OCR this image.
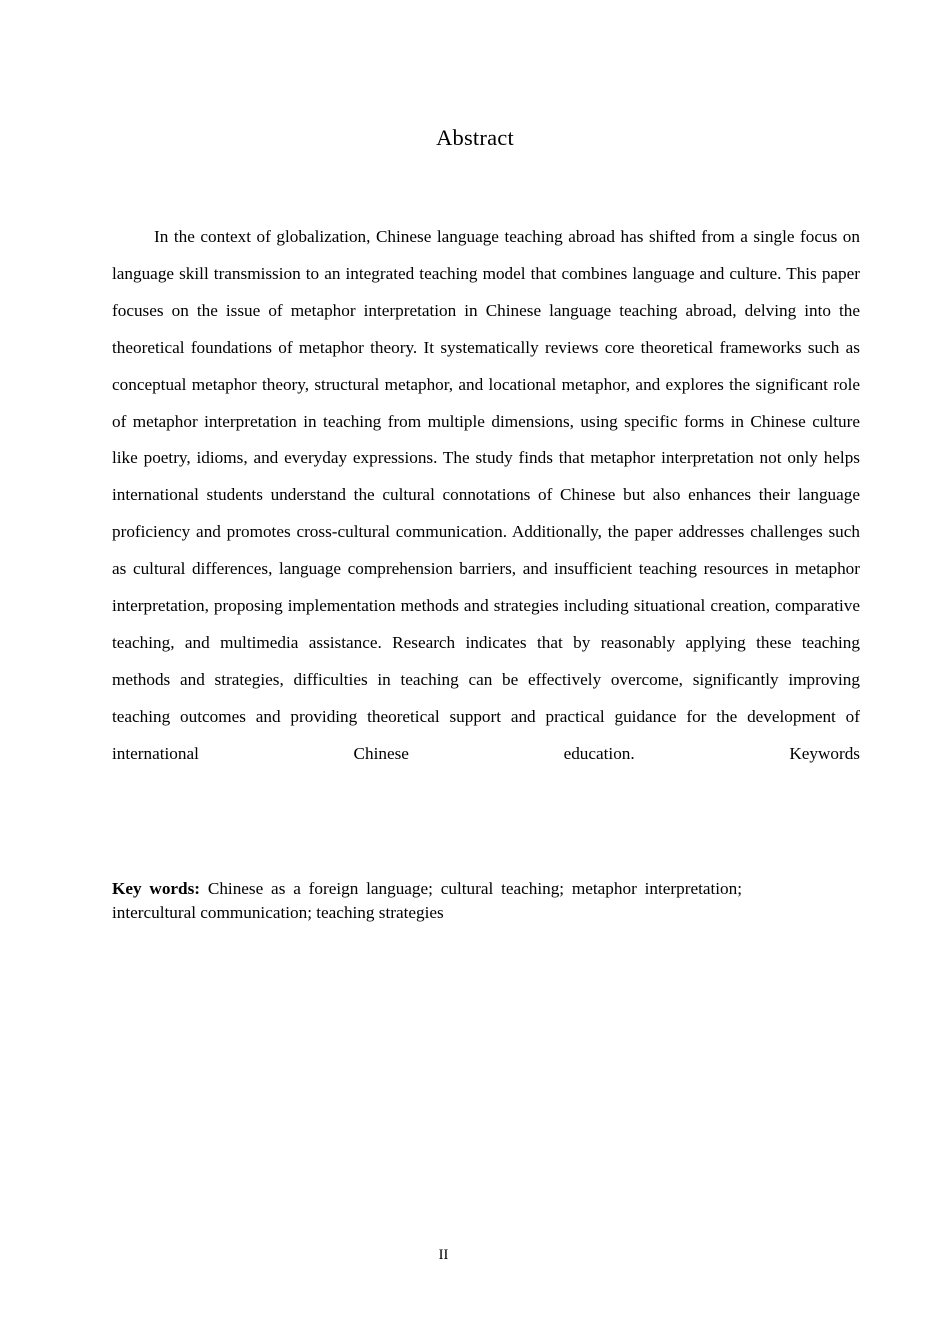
Abstract

In the context of globalization, Chinese language teaching abroad has shifted from a single focus on language skill transmission to an integrated teaching model that combines language and culture. This paper focuses on the issue of metaphor interpretation in Chinese language teaching abroad, delving into the theoretical foundations of metaphor theory. It systematically reviews core theoretical frameworks such as conceptual metaphor theory, structural metaphor, and locational metaphor, and explores the significant role of metaphor interpretation in teaching from multiple dimensions, using specific forms in Chinese culture like poetry, idioms, and everyday expressions. The study finds that metaphor interpretation not only helps international students understand the cultural connotations of Chinese but also enhances their language proficiency and promotes cross-cultural communication. Additionally, the paper addresses challenges such as cultural differences, language comprehension barriers, and insufficient teaching resources in metaphor interpretation, proposing implementation methods and strategies including situational creation, comparative teaching, and multimedia assistance. Research indicates that by reasonably applying these teaching methods and strategies, difficulties in teaching can be effectively overcome, significantly improving teaching outcomes and providing theoretical support and practical guidance for the development of international Chinese education. Keywords

Key words: Chinese as a foreign language; cultural teaching; metaphor interpretation; intercultural communication; teaching strategies

II
